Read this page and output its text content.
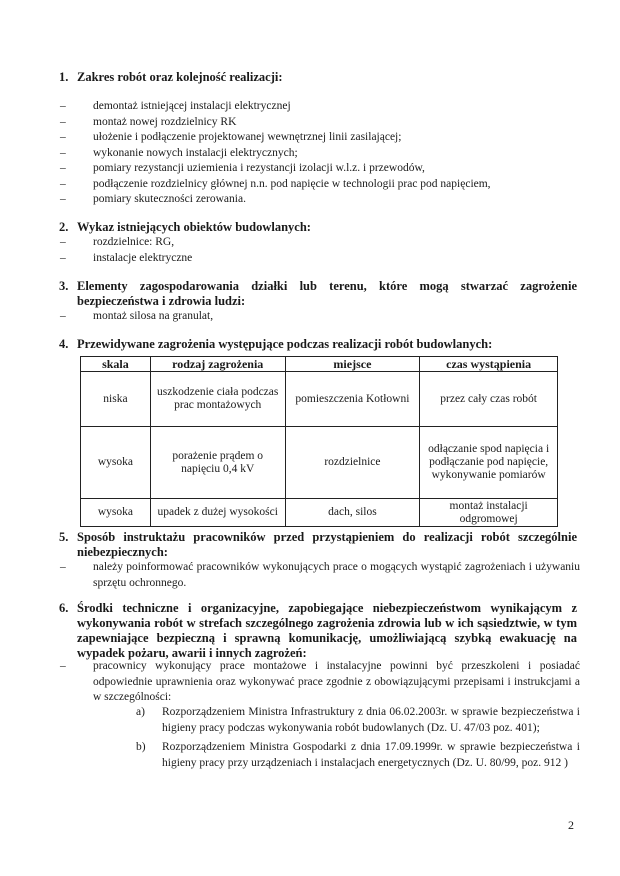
1. Zakres robót oraz kolejność realizacji:
– demontaż istniejącej instalacji elektrycznej
– montaż nowej rozdzielnicy RK
– ułożenie i podłączenie projektowanej wewnętrznej linii zasilającej;
– wykonanie nowych instalacji elektrycznych;
– pomiary rezystancji uziemienia i rezystancji izolacji w.l.z. i przewodów,
– podłączenie rozdzielnicy głównej n.n. pod napięcie w technologii prac pod napięciem,
– pomiary skuteczności zerowania.
2. Wykaz istniejących obiektów budowlanych:
– rozdzielnice: RG,
– instalacje elektryczne
3. Elementy zagospodarowania działki lub terenu, które mogą stwarzać zagrożenie bezpieczeństwa i zdrowia ludzi:
– montaż silosa na granulat,
4. Przewidywane zagrożenia występujące podczas realizacji robót budowlanych:
skala	rodzaj zagrożenia	miejsce	czas wystąpienia
niska	uszkodzenie ciała podczas prac montażowych	pomieszczenia Kotłowni	przez cały czas robót
wysoka	porażenie prądem o napięciu 0,4 kV	rozdzielnice	odłączanie spod napięcia i podłączanie pod napięcie, wykonywanie pomiarów
wysoka	upadek z dużej wysokości	dach, silos	montaż instalacji odgromowej
5. Sposób instruktażu pracowników przed przystąpieniem do realizacji robót szczególnie niebezpiecznych:
– należy poinformować pracowników wykonujących prace o mogących wystąpić zagrożeniach i używaniu sprzętu ochronnego.
6. Środki techniczne i organizacyjne, zapobiegające niebezpieczeństwom wynikającym z wykonywania robót w strefach szczególnego zagrożenia zdrowia lub w ich sąsiedztwie, w tym zapewniające bezpieczną i sprawną komunikację, umożliwiającą szybką ewakuację na wypadek pożaru, awarii i innych zagrożeń:
– pracownicy wykonujący prace montażowe i instalacyjne powinni być przeszkoleni i posiadać odpowiednie uprawnienia oraz wykonywać prace zgodnie z obowiązującymi przepisami i instrukcjami a w szczególności:
a) Rozporządzeniem Ministra Infrastruktury z dnia 06.02.2003r. w sprawie bezpieczeństwa i higieny pracy podczas wykonywania robót budowlanych (Dz. U. 47/03 poz. 401);
b) Rozporządzeniem Ministra Gospodarki z dnia 17.09.1999r. w sprawie bezpieczeństwa i higieny pracy przy urządzeniach i instalacjach energetycznych (Dz. U. 80/99, poz. 912 )
2
